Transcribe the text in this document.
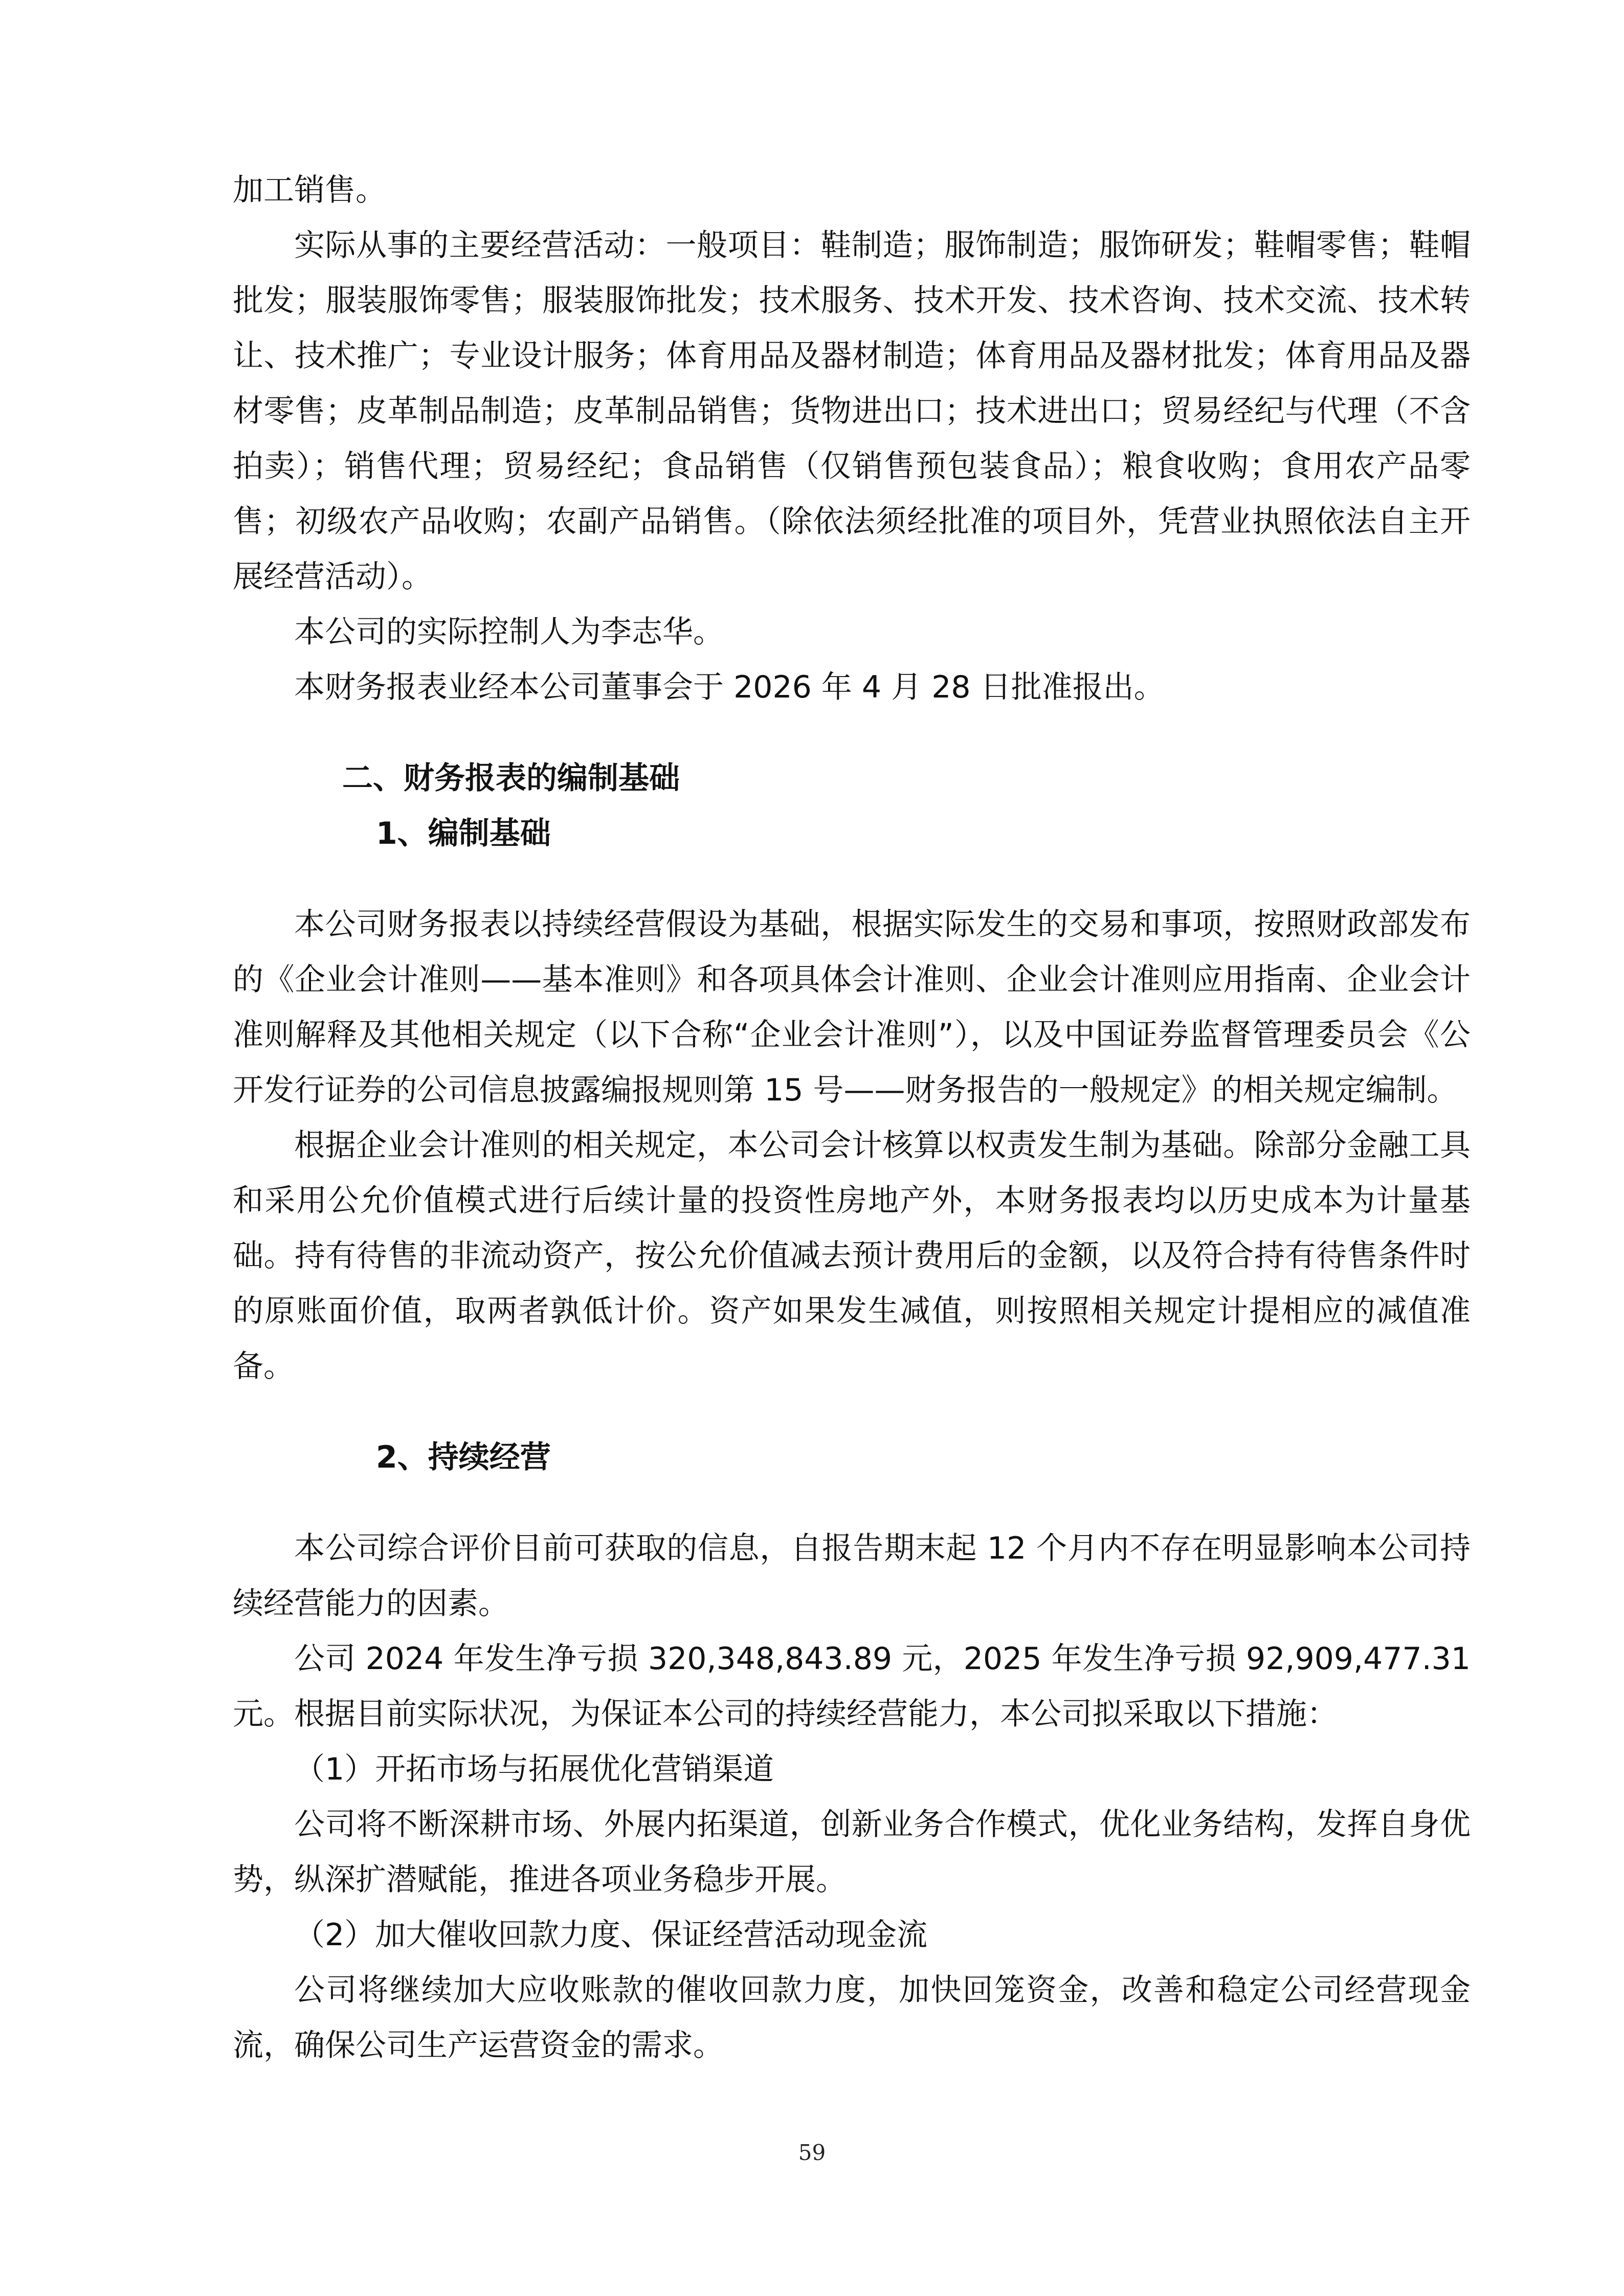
加工销售。

实际从事的主要经营活动：一般项目：鞋制造；服饰制造；服饰研发；鞋帽零售；鞋帽批发；服装服饰零售；服装服饰批发；技术服务、技术开发、技术咨询、技术交流、技术转让、技术推广；专业设计服务；体育用品及器材制造；体育用品及器材批发；体育用品及器材零售；皮革制品制造；皮革制品销售；货物进出口；技术进出口；贸易经纪与代理（不含拍卖）；销售代理；贸易经纪；食品销售（仅销售预包装食品）；粮食收购；食用农产品零售；初级农产品收购；农副产品销售。（除依法须经批准的项目外，凭营业执照依法自主开展经营活动）。

本公司的实际控制人为李志华。

本财务报表业经本公司董事会于 2026 年 4 月 28 日批准报出。

二、财务报表的编制基础

1、编制基础

本公司财务报表以持续经营假设为基础，根据实际发生的交易和事项，按照财政部发布的《企业会计准则——基本准则》和各项具体会计准则、企业会计准则应用指南、企业会计准则解释及其他相关规定（以下合称“企业会计准则”），以及中国证券监督管理委员会《公开发行证券的公司信息披露编报规则第 15 号——财务报告的一般规定》的相关规定编制。

根据企业会计准则的相关规定，本公司会计核算以权责发生制为基础。除部分金融工具和采用公允价值模式进行后续计量的投资性房地产外，本财务报表均以历史成本为计量基础。持有待售的非流动资产，按公允价值减去预计费用后的金额，以及符合持有待售条件时的原账面价值，取两者孰低计价。资产如果发生减值，则按照相关规定计提相应的减值准备。

2、持续经营

本公司综合评价目前可获取的信息，自报告期末起 12 个月内不存在明显影响本公司持续经营能力的因素。

公司 2024 年发生净亏损 320,348,843.89 元，2025 年发生净亏损 92,909,477.31 元。根据目前实际状况，为保证本公司的持续经营能力，本公司拟采取以下措施：

（1）开拓市场与拓展优化营销渠道

公司将不断深耕市场、外展内拓渠道，创新业务合作模式，优化业务结构，发挥自身优势，纵深扩潜赋能，推进各项业务稳步开展。

（2）加大催收回款力度、保证经营活动现金流

公司将继续加大应收账款的催收回款力度，加快回笼资金，改善和稳定公司经营现金流，确保公司生产运营资金的需求。

59
